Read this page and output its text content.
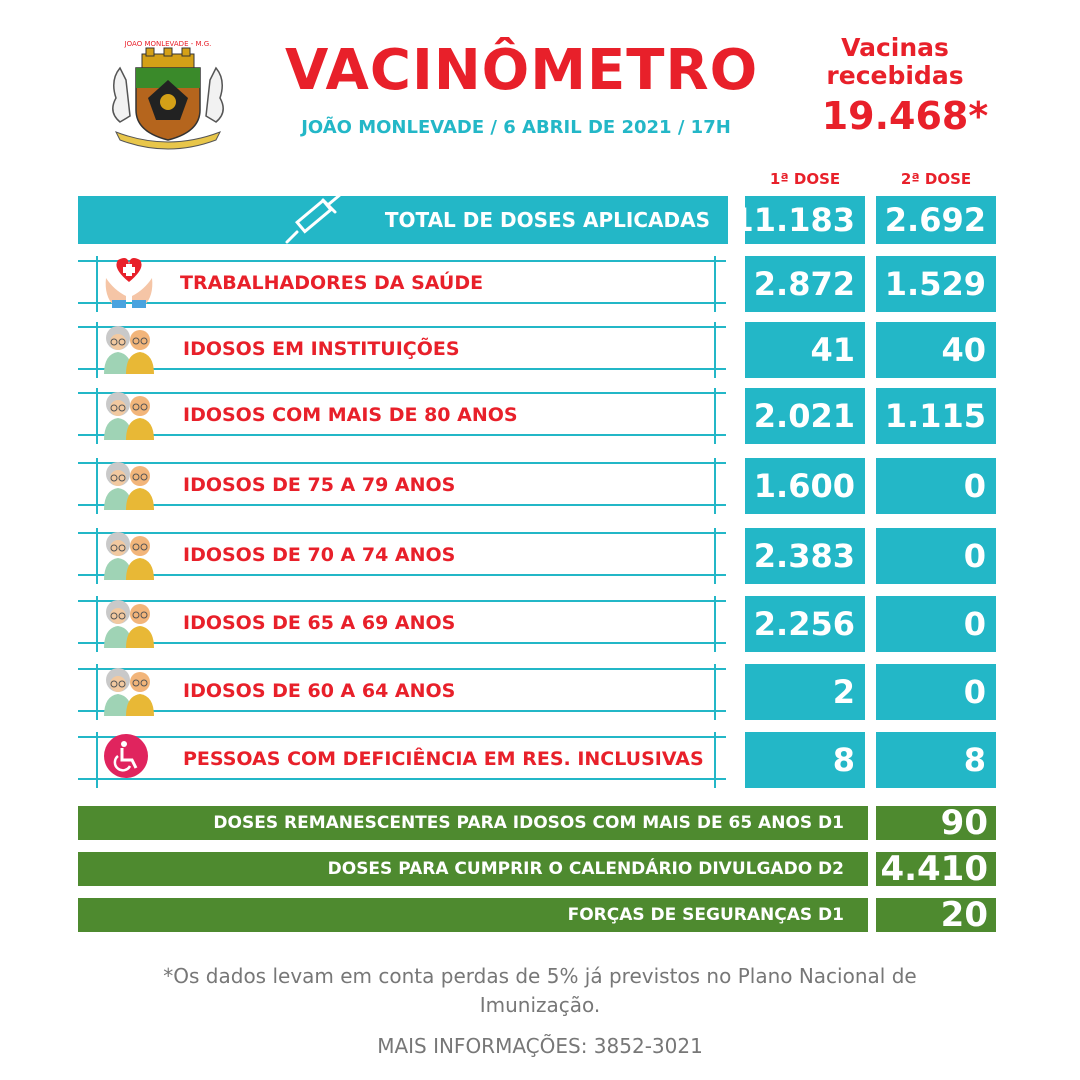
JOÃO MONLEVADE - M.G. VACINÔMETRO
JOÃO MONLEVADE / 6 ABRIL DE 2021 / 17H
Vacinas recebidas
19.468*
1ª DOSE	2ª DOSE
TOTAL DE DOSES APLICADAS 11.183 2.692
TRABALHADORES DA SAÚDE	2.872 1.529
IDOSOS EM INSTITUIÇÕES	41	40
IDOSOS COM MAIS DE 80 ANOS	2.021 1.115
IDOSOS DE 75 A 79 ANOS	1.600	0
IDOSOS DE 70 A 74 ANOS	2.383	0
IDOSOS DE 65 A 69 ANOS	2.256	0
IDOSOS DE 60 A 64 ANOS	2	0
PESSOAS COM DEFICIÊNCIA EM RES. INCLUSIVAS	8	8
DOSES REMANESCENTES PARA IDOSOS COM MAIS DE 65 ANOS D1	90
DOSES PARA CUMPRIR O CALENDÁRIO DIVULGADO D2	4.410
FORÇAS DE SEGURANÇAS D1	20
*Os dados levam em conta perdas de 5% já previstos no Plano Nacional de Imunização.
MAIS INFORMAÇÕES: 3852-3021
